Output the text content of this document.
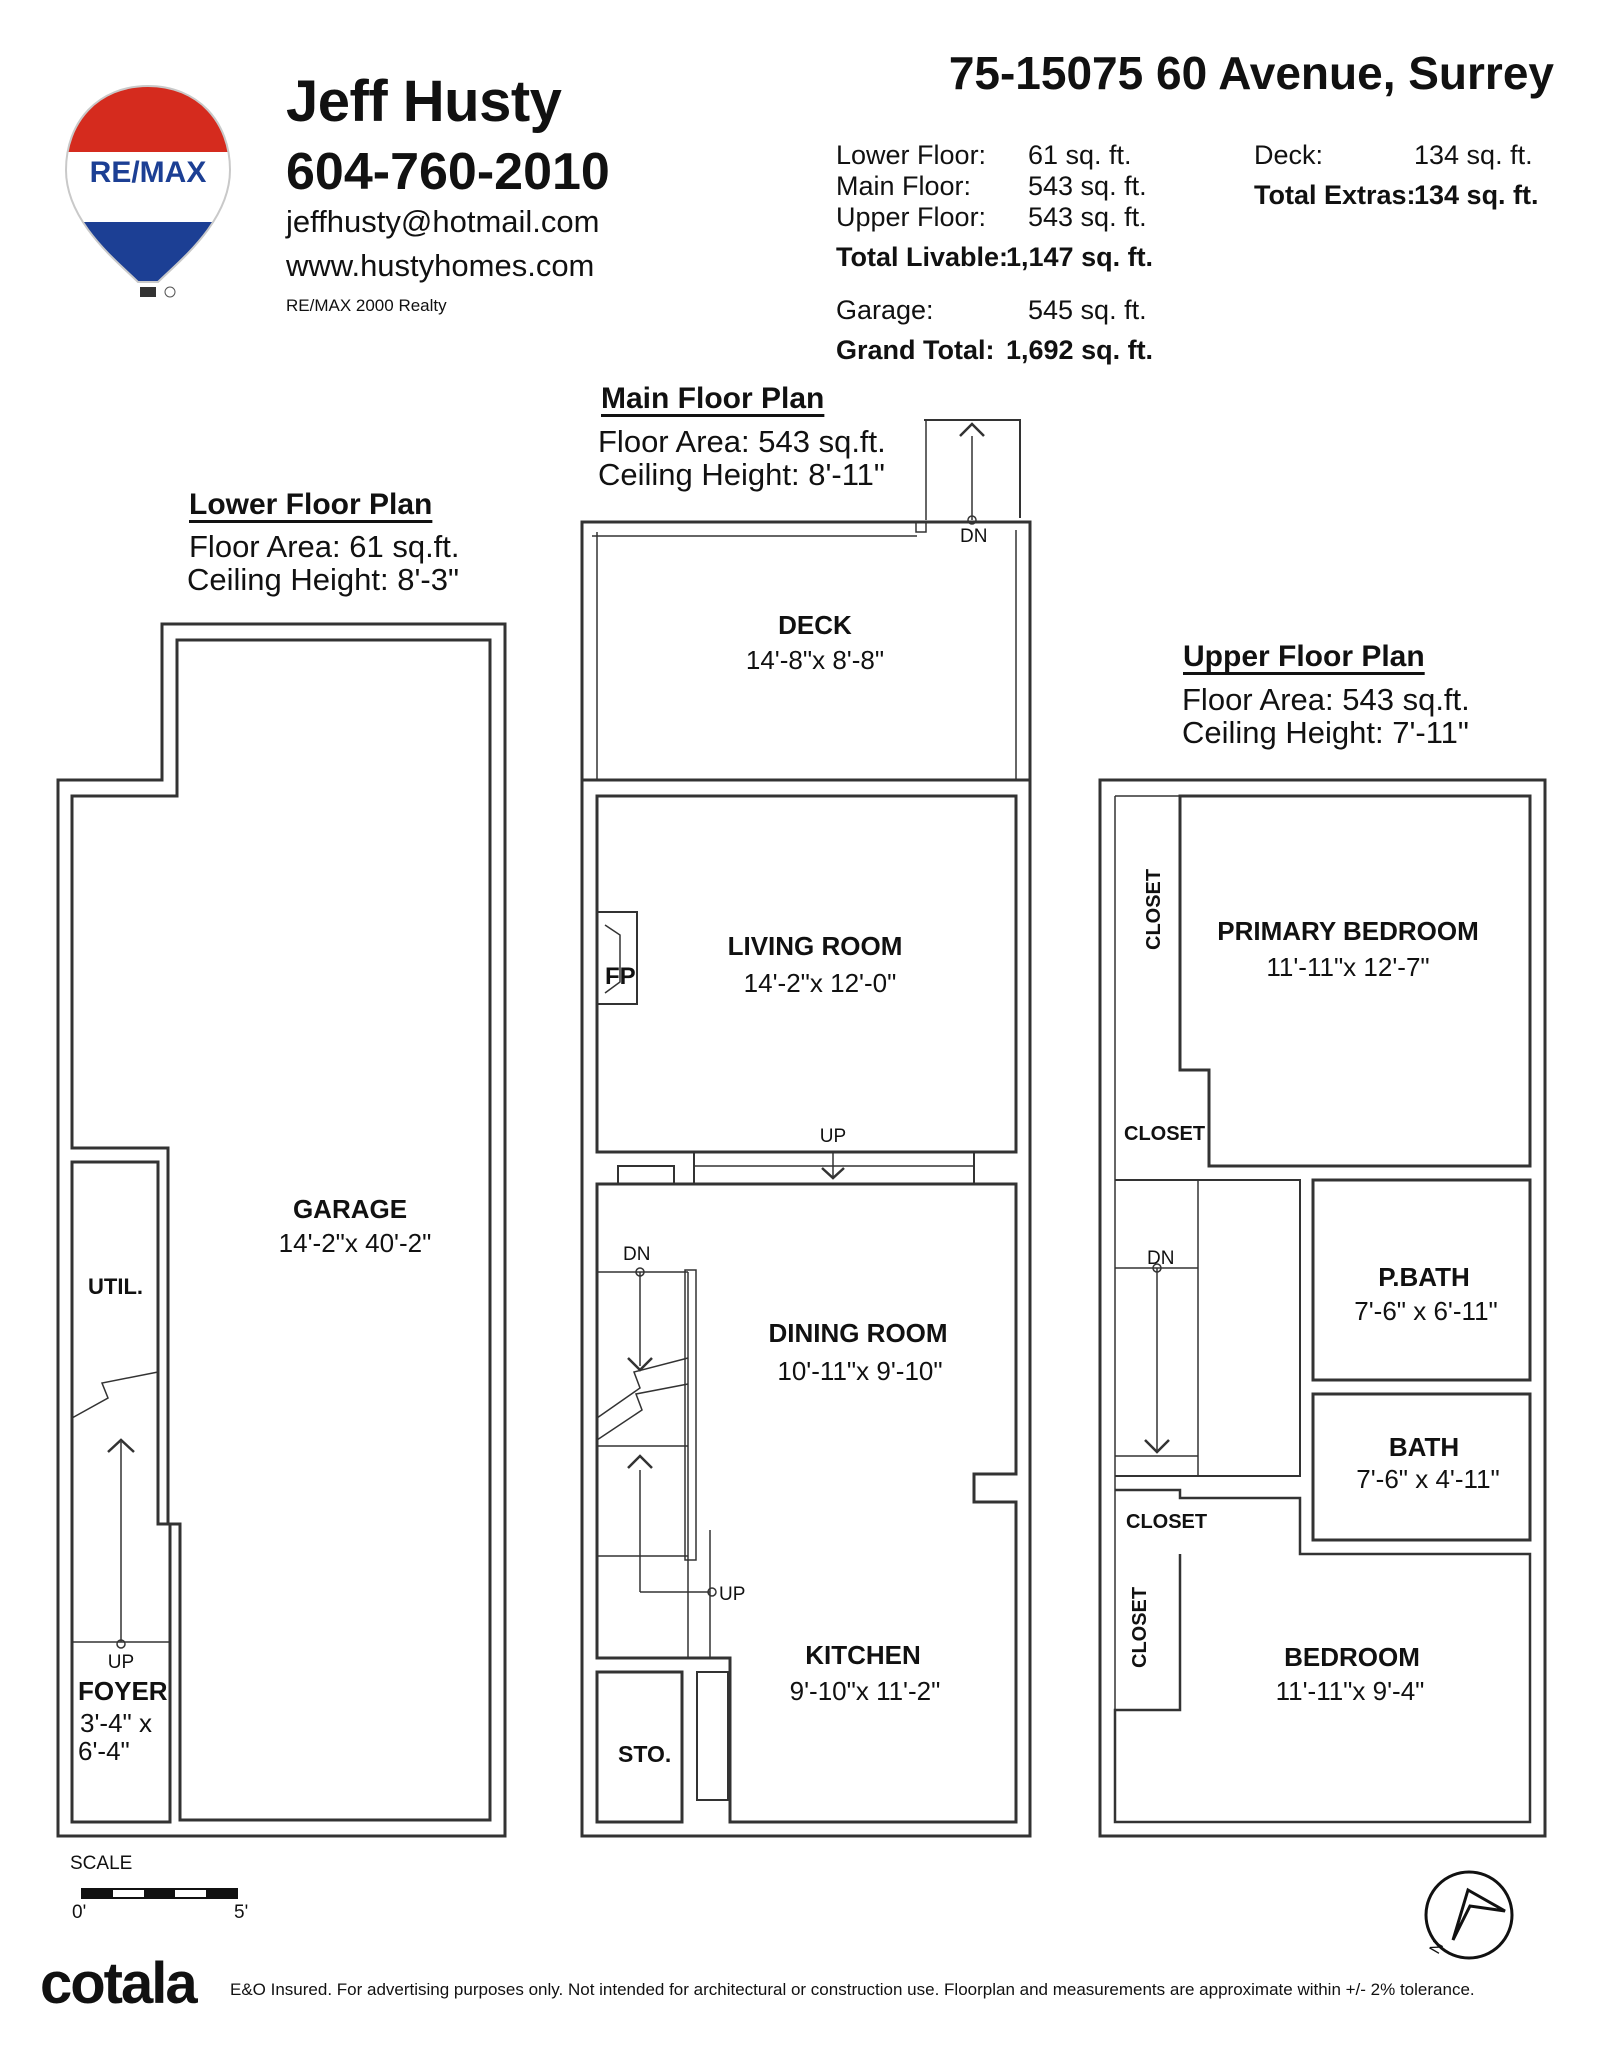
RE/MAX
Jeff Husty
604-760-2010
jeffhusty@hotmail.com
www.hustyhomes.com
RE/MAX 2000 Realty
75-15075 60 Avenue, Surrey
Lower Floor: 61 sq. ft.
Main Floor: 543 sq. ft.
Upper Floor: 543 sq. ft.
Total Livable:
1,147 sq. ft.
Garage:	545 sq. ft.
Grand Total: 1,692 sq. ft.
Deck:	134 sq. ft.
Total Extras:
134 sq. ft.
Main Floor Plan
Floor Area: 543 sq.ft.
Ceiling Height: 8'-11"
Lower Floor Plan
Floor Area: 61 sq.ft.
Ceiling Height: 8'-3"
Upper Floor Plan
Floor Area: 543 sq.ft.
Ceiling Height: 7'-11"
GARAGE
14'-2"x 40'-2"
UTIL.
UP
FOYER
3'-4" x
6'-4"
DN
DECK
14'-8"x 8'-8"
LIVING ROOM
14'-2"x 12'-0"
FP
UP
DN
DINING ROOM
10'-11"x 9'-10"
UP
KITCHEN
9'-10"x 11'-2"
STO.
CLOSET PRIMARY BEDROOM
11'-11"x 12'-7"
CLOSET
DN
P.BATH
7'-6" x 6'-11"
BATH
7'-6" x 4'-11"
CLOSET
CLOSET	BEDROOM
11'-11"x 9'-4"
0'	5'
N
SCALE
cotala E&O Insured. For advertising purposes only. Not intended for architectural or construction use. Floorplan and measurements are approximate within +/- 2% tolerance.
